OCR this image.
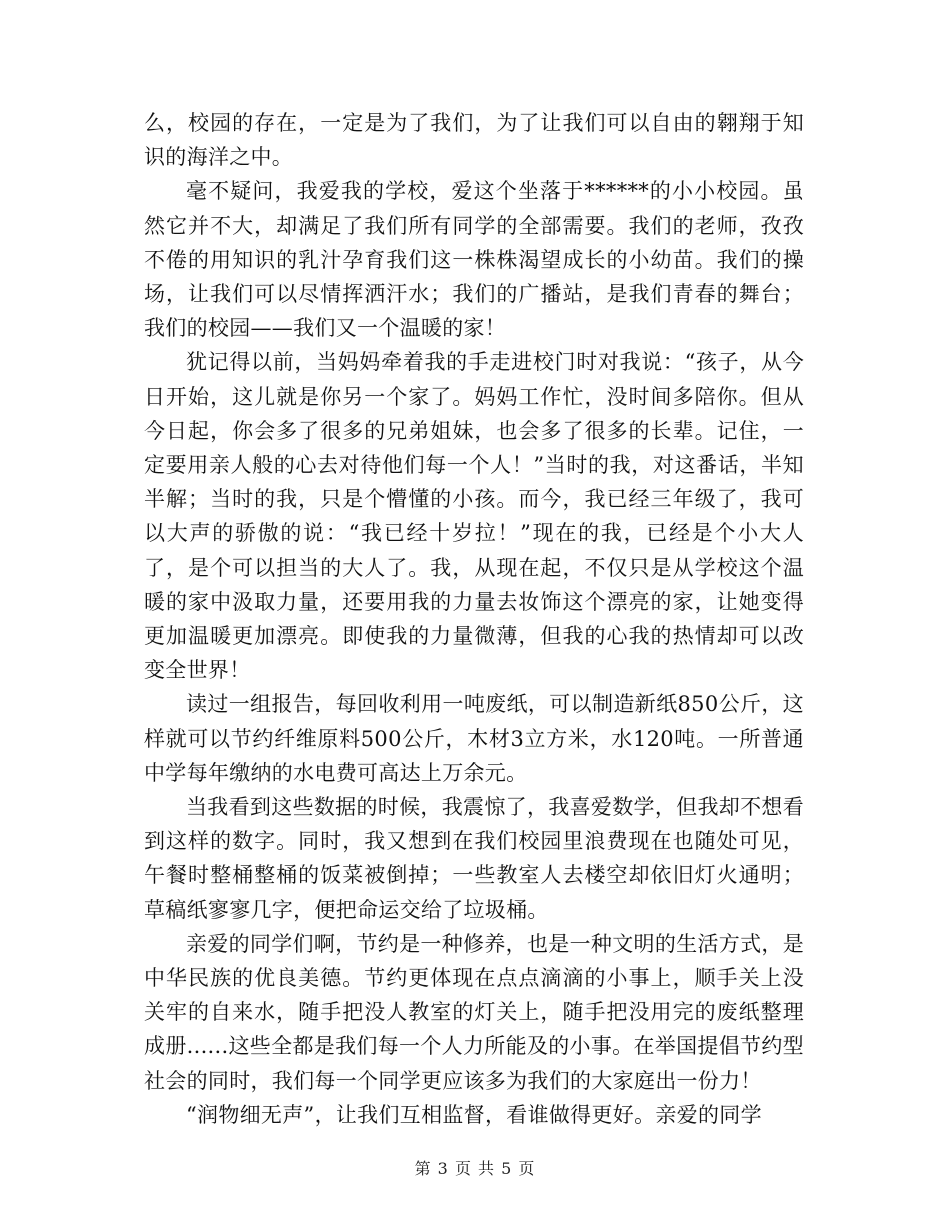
么，校园的存在，一定是为了我们，为了让我们可以自由的翱翔于知识的海洋之中。

毫不疑问，我爱我的学校，爱这个坐落于******的小小校园。虽然它并不大，却满足了我们所有同学的全部需要。我们的老师，孜孜不倦的用知识的乳汁孕育我们这一株株渴望成长的小幼苗。我们的操场，让我们可以尽情挥洒汗水；我们的广播站，是我们青春的舞台；我们的校园——我们又一个温暖的家！

犹记得以前，当妈妈牵着我的手走进校门时对我说：“孩子，从今日开始，这儿就是你另一个家了。妈妈工作忙，没时间多陪你。但从今日起，你会多了很多的兄弟姐妹，也会多了很多的长辈。记住，一定要用亲人般的心去对待他们每一个人！”当时的我，对这番话，半知半解；当时的我，只是个懵懂的小孩。而今，我已经三年级了，我可以大声的骄傲的说：“我已经十岁拉！”现在的我，已经是个小大人了，是个可以担当的大人了。我，从现在起，不仅只是从学校这个温暖的家中汲取力量，还要用我的力量去妆饰这个漂亮的家，让她变得更加温暖更加漂亮。即使我的力量微薄，但我的心我的热情却可以改变全世界！

读过一组报告，每回收利用一吨废纸，可以制造新纸850公斤，这样就可以节约纤维原料500公斤，木材3立方米，水120吨。一所普通中学每年缴纳的水电费可高达上万余元。

当我看到这些数据的时候，我震惊了，我喜爱数学，但我却不想看到这样的数字。同时，我又想到在我们校园里浪费现在也随处可见，午餐时整桶整桶的饭菜被倒掉；一些教室人去楼空却依旧灯火通明；草稿纸寥寥几字，便把命运交给了垃圾桶。

亲爱的同学们啊，节约是一种修养，也是一种文明的生活方式，是中华民族的优良美德。节约更体现在点点滴滴的小事上，顺手关上没关牢的自来水，随手把没人教室的灯关上，随手把没用完的废纸整理成册......这些全都是我们每一个人力所能及的小事。在举国提倡节约型社会的同时，我们每一个同学更应该多为我们的大家庭出一份力！

“润物细无声”，让我们互相监督，看谁做得更好。亲爱的同学

第 3 页 共 5 页
